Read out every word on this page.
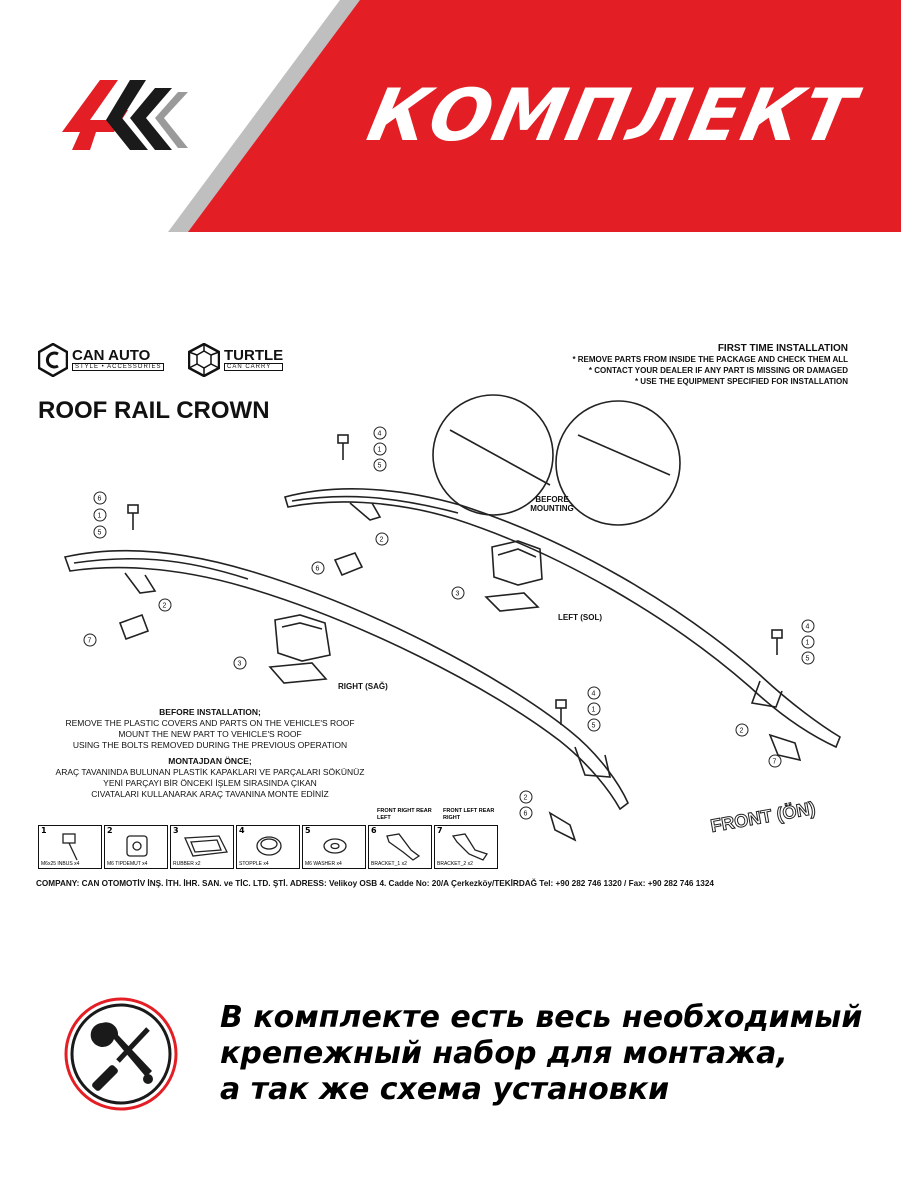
КОМПЛЕКТ
CAN AUTO
STYLE • ACCESSORIES
TURTLE
CAN CARRY
ROOF RAIL CROWN
FIRST TIME INSTALLATION
* REMOVE PARTS FROM INSIDE THE PACKAGE AND CHECK THEM ALL
* CONTACT YOUR DEALER IF ANY PART IS MISSING OR DAMAGED
* USE THE EQUIPMENT SPECIFIED FOR INSTALLATION
4
1
5
6
1
5
2
6
3
2
7
3
4
1
5
4
1
5
2
7
2
6
BEFORE MOUNTING
LEFT (SOL)
RIGHT (SAĞ)
FRONT (ÖN)
BEFORE INSTALLATION;
REMOVE THE PLASTIC COVERS AND PARTS ON THE VEHICLE'S ROOF
MOUNT THE NEW PART TO VEHICLE'S ROOF
USING THE BOLTS REMOVED DURING THE PREVIOUS OPERATION
MONTAJDAN ÖNCE;
ARAÇ TAVANINDA BULUNAN PLASTİK KAPAKLARI VE PARÇALARI SÖKÜNÜZ
YENİ PARÇAYI BİR ÖNCEKİ İŞLEM SIRASINDA ÇIKAN
CIVATALARI KULLANARAK ARAÇ TAVANINA MONTE EDİNİZ
1
M6x25 INBUS x4
2
M6 TIPDEMUT x4
3
RUBBER x2
4
STOPPLE x4
5
M6 WASHER x4
FRONT RIGHT REAR LEFT
6
BRACKET_1 x2
FRONT LEFT REAR RIGHT
7
BRACKET_2 x2
COMPANY: CAN OTOMOTİV İNŞ. İTH. İHR. SAN. ve TİC. LTD. ŞTİ. ADRESS: Velikoy OSB 4. Cadde No: 20/A Çerkezköy/TEKİRDAĞ Tel: +90 282 746 1320 / Fax: +90 282 746 1324
В комплекте есть весь необходимый
крепежный набор для монтажа,
а так же схема установки
